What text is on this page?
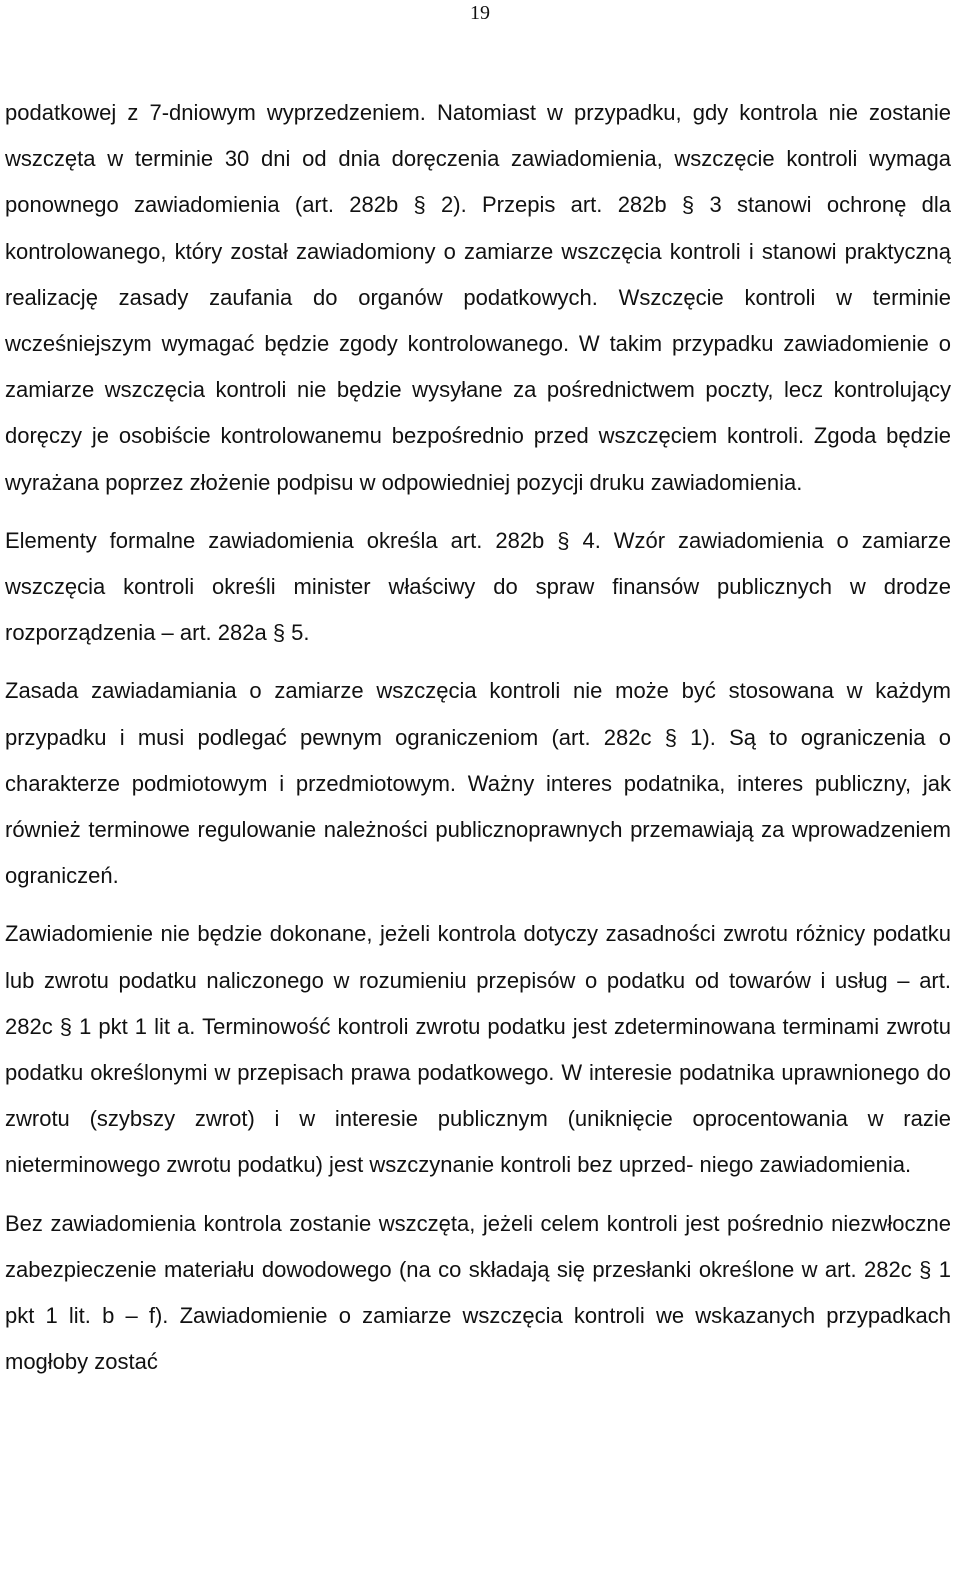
19

podatkowej z 7-dniowym wyprzedzeniem. Natomiast w przypadku, gdy kontrola nie zostanie wszczęta w terminie 30 dni od dnia doręczenia zawiadomienia, wszczęcie kontroli wymaga ponownego zawiadomienia (art. 282b § 2). Przepis art. 282b § 3 stanowi ochronę dla kontrolowanego, który został zawiadomiony o zamiarze wszczęcia kontroli i stanowi praktyczną realizację zasady zaufania do organów podatkowych. Wszczęcie kontroli w terminie wcześniejszym wymagać będzie zgody kontrolowanego. W takim przypadku zawiadomienie o zamiarze wszczęcia kontroli nie będzie wysyłane za pośrednictwem poczty, lecz kontrolujący doręczy je osobiście kontrolowanemu bezpośrednio przed wszczęciem kontroli. Zgoda będzie wyrażana poprzez złożenie podpisu w odpowiedniej pozycji druku zawiadomienia.

Elementy formalne zawiadomienia określa art. 282b § 4. Wzór zawiadomienia o zamiarze wszczęcia kontroli określi minister właściwy do spraw finansów publicznych w drodze rozporządzenia – art. 282a § 5.

Zasada zawiadamiania o zamiarze wszczęcia kontroli nie może być stosowana w każdym przypadku i musi podlegać pewnym ograniczeniom (art. 282c § 1). Są to ograniczenia o charakterze podmiotowym i przedmiotowym. Ważny interes podatnika, interes publiczny, jak również terminowe regulowanie należności publicznoprawnych przemawiają za wprowadzeniem ograniczeń.

Zawiadomienie nie będzie dokonane, jeżeli kontrola dotyczy zasadności zwrotu różnicy podatku lub zwrotu podatku naliczonego w rozumieniu przepisów o podatku od towarów i usług – art. 282c § 1 pkt 1 lit a. Terminowość kontroli zwrotu podatku jest zdeterminowana terminami zwrotu podatku określonymi w przepisach prawa podatkowego. W interesie podatnika uprawnionego do zwrotu (szybszy zwrot) i w interesie publicznym (uniknięcie oprocentowania w razie nieterminowego zwrotu podatku) jest wszczynanie kontroli bez uprzed- niego zawiadomienia.

Bez zawiadomienia kontrola zostanie wszczęta, jeżeli celem kontroli jest pośrednio niezwłoczne zabezpieczenie materiału dowodowego (na co składają się przesłanki określone w art. 282c § 1 pkt 1 lit. b – f). Zawiadomienie o zamiarze wszczęcia kontroli we wskazanych przypadkach mogłoby zostać
